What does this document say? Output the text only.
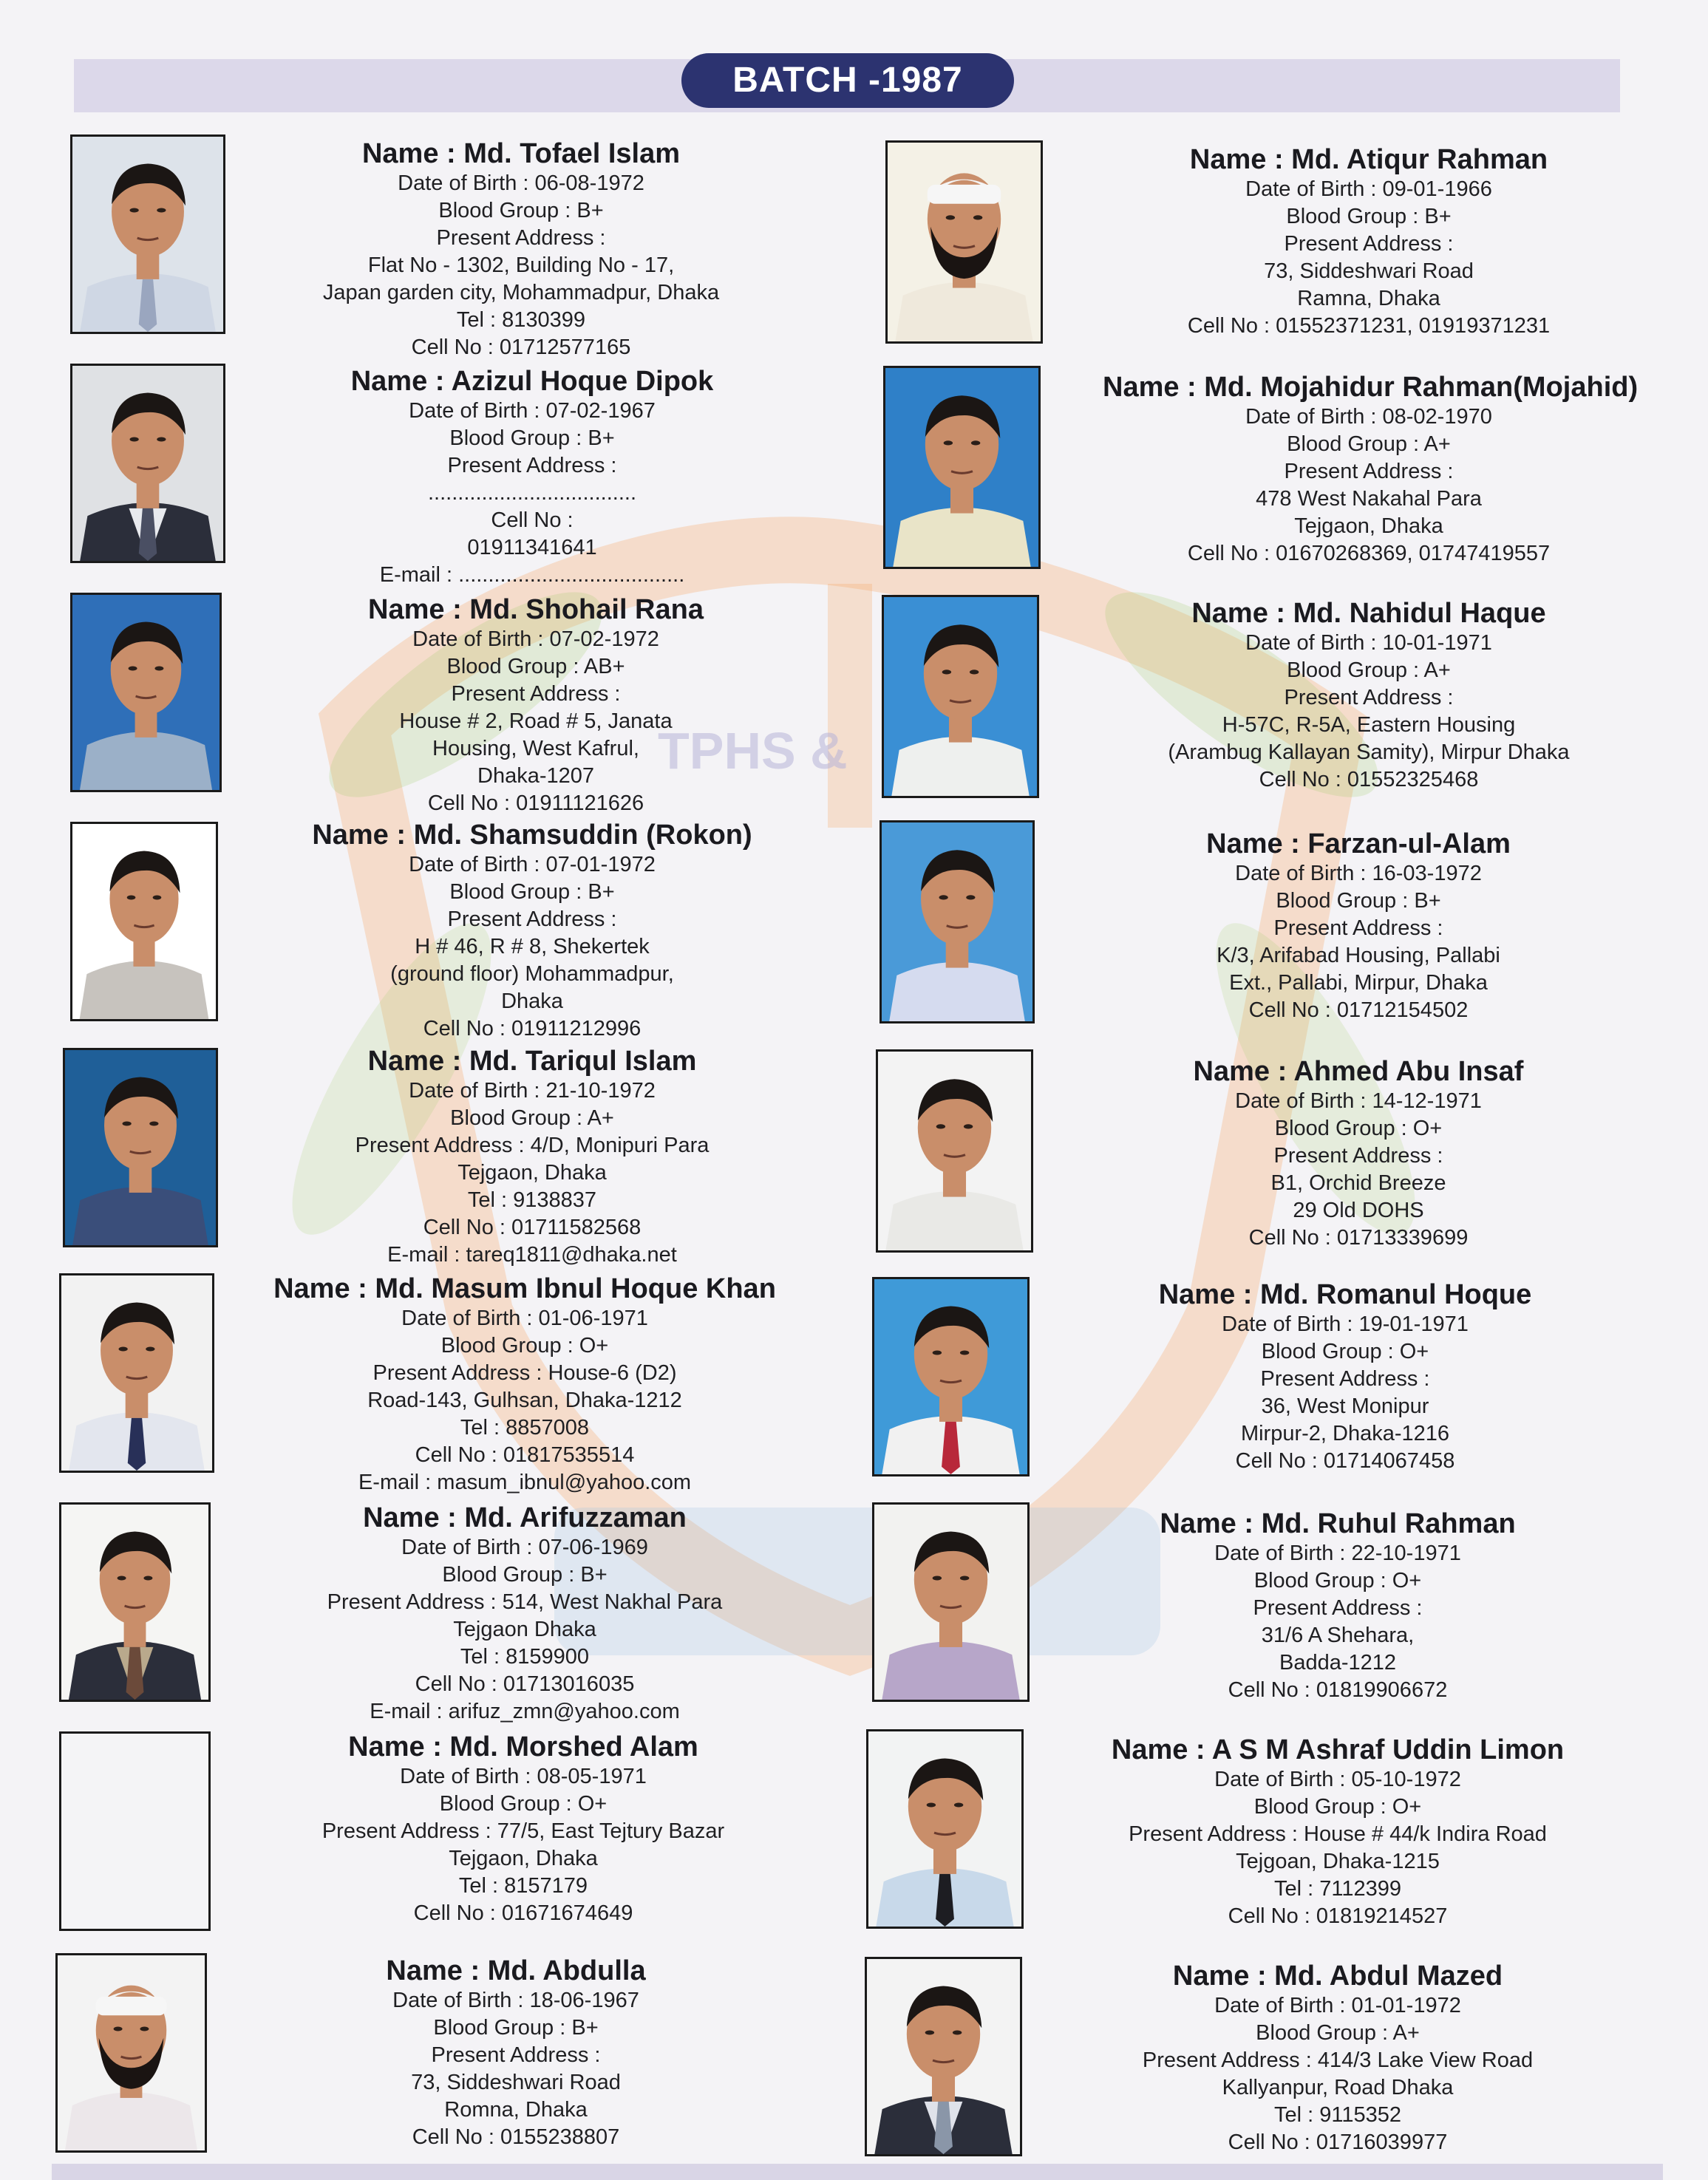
BATCH -1987
TPHS &
Name : Md. Tofael Islam
Date of Birth : 06-08-1972
Blood Group : B+
Present Address :
Flat No - 1302, Building No - 17,
Japan garden city, Mohammadpur, Dhaka
Tel : 8130399
Cell No : 01712577165
Name : Azizul Hoque Dipok
Date of Birth : 07-02-1967
Blood Group : B+
Present Address :
...................................
Cell No :
01911341641
E-mail : ......................................
Name : Md. Shohail Rana
Date of Birth : 07-02-1972
Blood Group : AB+
Present Address :
House # 2, Road # 5, Janata
Housing, West Kafrul,
Dhaka-1207
Cell No : 01911121626
Name : Md. Shamsuddin (Rokon)
Date of Birth : 07-01-1972
Blood Group : B+
Present Address :
H # 46, R # 8, Shekertek
(ground floor) Mohammadpur,
Dhaka
Cell No : 01911212996
Name : Md. Tariqul Islam
Date of Birth : 21-10-1972
Blood Group : A+
Present Address : 4/D, Monipuri Para
Tejgaon, Dhaka
Tel : 9138837
Cell No : 01711582568
E-mail : tareq1811@dhaka.net
Name : Md. Masum Ibnul Hoque Khan
Date of Birth : 01-06-1971
Blood Group : O+
Present Address : House-6 (D2)
Road-143, Gulhsan, Dhaka-1212
Tel : 8857008
Cell No : 01817535514
E-mail : masum_ibnul@yahoo.com
Name : Md. Arifuzzaman
Date of Birth : 07-06-1969
Blood Group : B+
Present Address : 514, West Nakhal Para
Tejgaon Dhaka
Tel : 8159900
Cell No : 01713016035
E-mail : arifuz_zmn@yahoo.com
Name : Md. Morshed Alam
Date of Birth : 08-05-1971
Blood Group : O+
Present Address : 77/5, East Tejtury Bazar
Tejgaon, Dhaka
Tel : 8157179
Cell No : 01671674649
Name : Md. Abdulla
Date of Birth : 18-06-1967
Blood Group : B+
Present Address :
73, Siddeshwari Road
Romna, Dhaka
Cell No : 0155238807
Name : Md. Atiqur Rahman
Date of Birth : 09-01-1966
Blood Group : B+
Present Address :
73, Siddeshwari Road
Ramna, Dhaka
Cell No : 01552371231, 01919371231
Name : Md. Mojahidur Rahman(Mojahid)
Date of Birth : 08-02-1970
Blood Group : A+
Present Address :
478 West Nakahal Para
Tejgaon, Dhaka
Cell No : 01670268369, 01747419557
Name : Md. Nahidul Haque
Date of Birth : 10-01-1971
Blood Group : A+
Present Address :
H-57C, R-5A, Eastern Housing
(Arambug Kallayan Samity), Mirpur Dhaka
Cell No : 01552325468
Name : Farzan-ul-Alam
Date of Birth : 16-03-1972
Blood Group : B+
Present Address :
K/3, Arifabad Housing, Pallabi
Ext., Pallabi, Mirpur, Dhaka
Cell No : 01712154502
Name : Ahmed Abu Insaf
Date of Birth : 14-12-1971
Blood Group : O+
Present Address :
B1, Orchid Breeze
29 Old DOHS
Cell No : 01713339699
Name : Md. Romanul Hoque
Date of Birth : 19-01-1971
Blood Group : O+
Present Address :
36, West Monipur
Mirpur-2, Dhaka-1216
Cell No : 01714067458
Name : Md. Ruhul Rahman
Date of Birth : 22-10-1971
Blood Group : O+
Present Address :
31/6 A Shehara,
Badda-1212
Cell No : 01819906672
Name : A S M Ashraf Uddin Limon
Date of Birth : 05-10-1972
Blood Group : O+
Present Address : House # 44/k Indira Road
Tejgoan, Dhaka-1215
Tel : 7112399
Cell No : 01819214527
Name : Md. Abdul Mazed
Date of Birth : 01-01-1972
Blood Group : A+
Present Address : 414/3 Lake View Road
Kallyanpur, Road Dhaka
Tel : 9115352
Cell No : 01716039977
